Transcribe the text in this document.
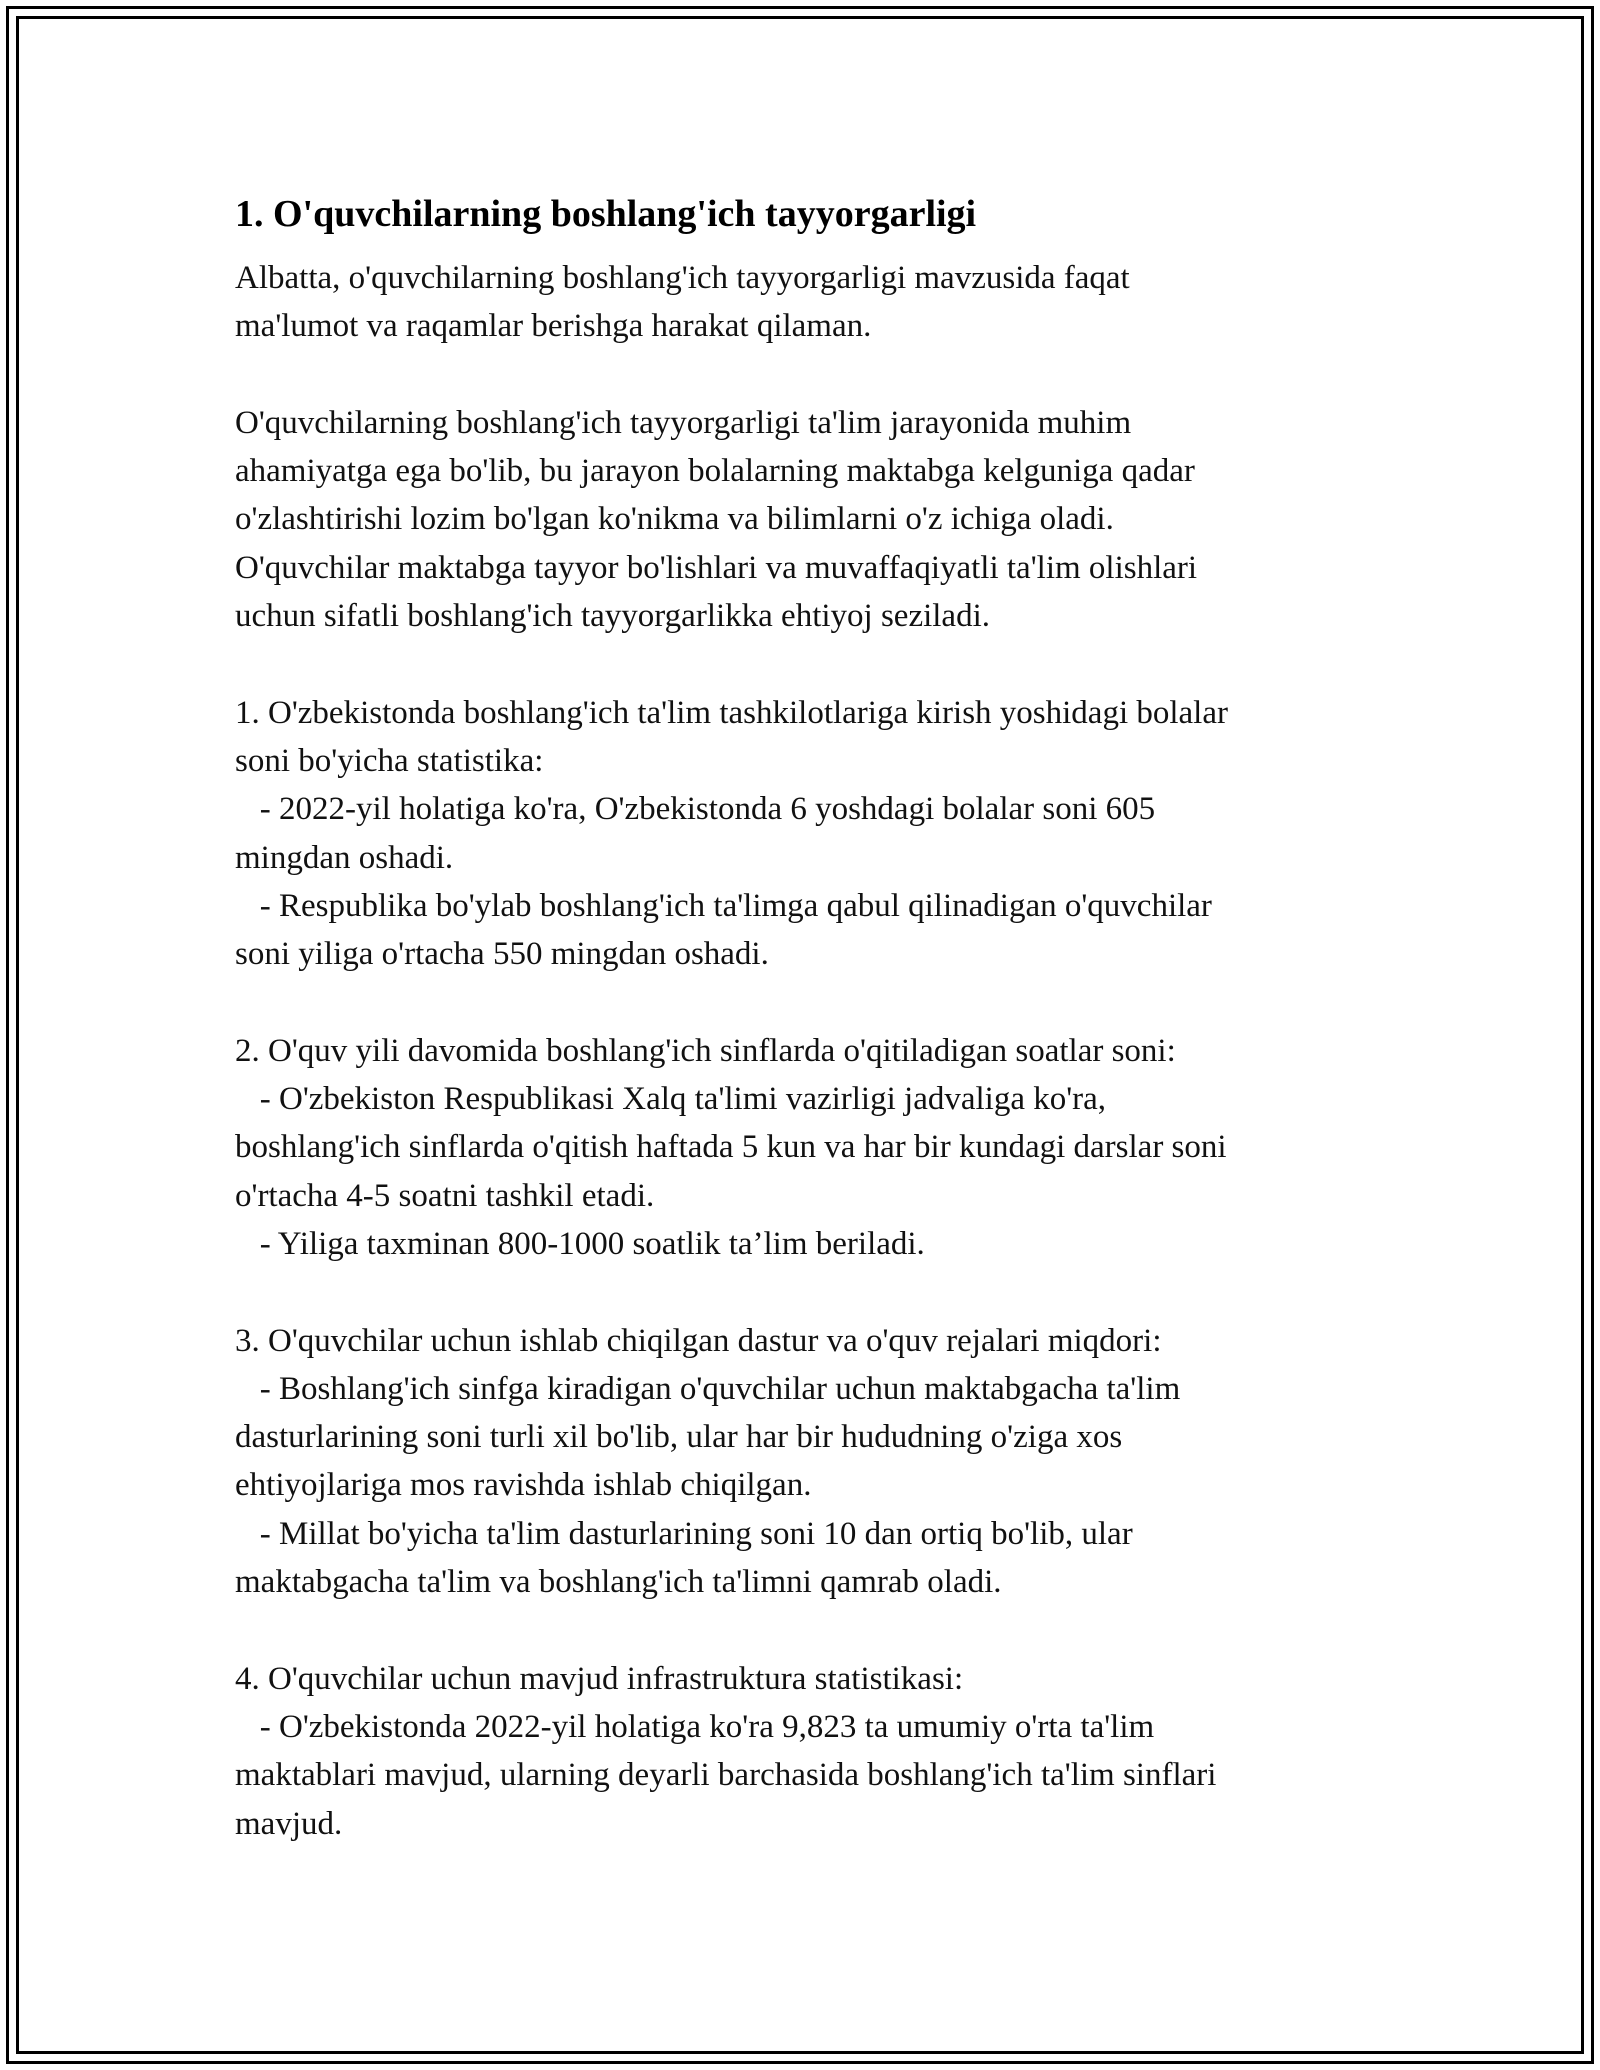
1. O'quvchilarning boshlang'ich tayyorgarligi

Albatta, o'quvchilarning boshlang'ich tayyorgarligi mavzusida faqat

ma'lumot va raqamlar berishga harakat qilaman.

O'quvchilarning boshlang'ich tayyorgarligi ta'lim jarayonida muhim

ahamiyatga ega bo'lib, bu jarayon bolalarning maktabga kelguniga qadar

o'zlashtirishi lozim bo'lgan ko'nikma va bilimlarni o'z ichiga oladi.

O'quvchilar maktabga tayyor bo'lishlari va muvaffaqiyatli ta'lim olishlari

uchun sifatli boshlang'ich tayyorgarlikka ehtiyoj seziladi.

1. O'zbekistonda boshlang'ich ta'lim tashkilotlariga kirish yoshidagi bolalar

soni bo'yicha statistika:

- 2022-yil holatiga ko'ra, O'zbekistonda 6 yoshdagi bolalar soni 605

mingdan oshadi.

- Respublika bo'ylab boshlang'ich ta'limga qabul qilinadigan o'quvchilar

soni yiliga o'rtacha 550 mingdan oshadi.

2. O'quv yili davomida boshlang'ich sinflarda o'qitiladigan soatlar soni:

- O'zbekiston Respublikasi Xalq ta'limi vazirligi jadvaliga ko'ra,

boshlang'ich sinflarda o'qitish haftada 5 kun va har bir kundagi darslar soni

o'rtacha 4-5 soatni tashkil etadi.

- Yiliga taxminan 800-1000 soatlik ta’lim beriladi.

3. O'quvchilar uchun ishlab chiqilgan dastur va o'quv rejalari miqdori:

- Boshlang'ich sinfga kiradigan o'quvchilar uchun maktabgacha ta'lim

dasturlarining soni turli xil bo'lib, ular har bir hududning o'ziga xos

ehtiyojlariga mos ravishda ishlab chiqilgan.

- Millat bo'yicha ta'lim dasturlarining soni 10 dan ortiq bo'lib, ular

maktabgacha ta'lim va boshlang'ich ta'limni qamrab oladi.

4. O'quvchilar uchun mavjud infrastruktura statistikasi:

- O'zbekistonda 2022-yil holatiga ko'ra 9,823 ta umumiy o'rta ta'lim

maktablari mavjud, ularning deyarli barchasida boshlang'ich ta'lim sinflari

mavjud.
